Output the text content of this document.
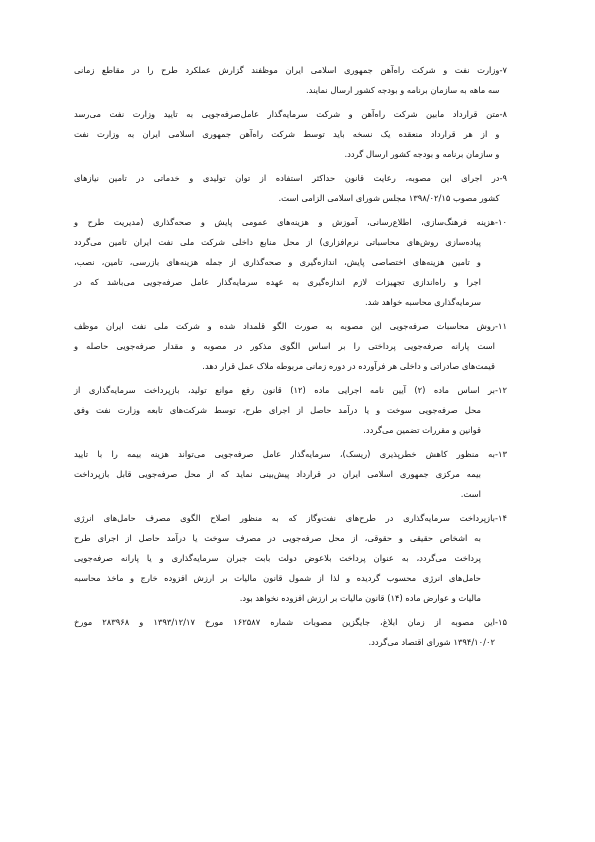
۷-
وزارت نفت و شرکت راه‌آهن جمهوری اسلامی ایران موظفند گزارش عملکرد طرح را در مقاطع زمانی
سه ماهه به سازمان برنامه و بودجه کشور ارسال نمایند.
۸-
متن قرارداد مابین شرکت راه‌آهن و شرکت سرمایه‌گذار عامل‌صرفه‌جویی به تایید وزارت نفت می‌رسد
و از هر قرارداد منعقده یک نسخه باید توسط شرکت راه‌آهن جمهوری اسلامی ایران به وزارت نفت
و سازمان برنامه و بودجه کشور ارسال گردد.
۹-
در اجرای این مصوبه، رعایت قانون حداکثر استفاده از توان تولیدی و خدماتی در تامین نیازهای
کشور مصوب ۱۳۹۸/۰۲/۱۵ مجلس شورای اسلامی الزامی است.
۱۰-
هزینه فرهنگ‌سازی، اطلاع‌رسانی، آموزش و هزینه‌های عمومی پایش و صحه‌گذاری (مدیریت طرح و
پیاده‌سازی روش‌های محاسباتی نرم‌افزاری) از محل منابع داخلی شرکت ملی نفت ایران تامین می‌گردد
و تامین هزینه‌های اختصاصی پایش، اندازه‌گیری و صحه‌گذاری از جمله هزینه‌های بازرسی، تامین، نصب،
اجرا و راه‌اندازی تجهیزات لازم اندازه‌گیری به عهده سرمایه‌گذار عامل صرفه‌جویی می‌باشد که در
سرمایه‌گذاری محاسبه خواهد شد.
۱۱-
روش محاسبات صرفه‌جویی این مصوبه به صورت الگو قلمداد شده و شرکت ملی نفت ایران موظف
است پارانه صرفه‌جویی پرداختی را بر اساس الگوی مذکور در مصوبه و مقدار صرفه‌جویی حاصله و
قیمت‌های صادراتی و داخلی هر فرآورده در دوره زمانی مربوطه ملاک عمل قرار دهد.
۱۲-
بر اساس ماده (۲) آیین نامه اجرایی ماده (۱۲) قانون رفع موانع تولید، بازپرداخت سرمایه‌گذاری از
محل صرفه‌جویی سوخت و یا درآمد حاصل از اجرای طرح، توسط شرکت‌های تابعه وزارت نفت وفق
قوانین و مقررات تضمین می‌گردد.
۱۳-
به منظور کاهش خطرپذیری (ریسک)، سرمایه‌گذار عامل صرفه‌جویی می‌تواند هزینه بیمه را با تایید
بیمه مرکزی جمهوری اسلامی ایران در قرارداد پیش‌بینی نماید که از محل صرفه‌جویی قابل بازپرداخت
است.
۱۴-
بازپرداخت سرمایه‌گذاری در طرح‌های نفت‌وگاز که به منظور اصلاح الگوی مصرف حامل‌های انرژی
به اشخاص حقیقی و حقوقی، از محل صرفه‌جویی در مصرف سوخت یا درآمد حاصل از اجرای طرح
پرداخت می‌گردد، به عنوان پرداخت بلاعوض دولت بابت جبران سرمایه‌گذاری و یا پارانه صرفه‌جویی
حامل‌های انرژی محسوب گردیده و لذا از شمول قانون مالیات بر ارزش افزوده خارج و ماخذ محاسبه
مالیات و عوارض ماده (۱۴) قانون مالیات بر ارزش افزوده نخواهد بود.
۱۵-
این مصوبه از زمان ابلاغ، جایگزین مصوبات شماره ۱۶۲۵۸۷ مورخ ۱۳۹۳/۱۲/۱۷ و ۲۸۳۹۶۸ مورخ
۱۳۹۴/۱۰/۰۲ شورای اقتصاد می‌گردد.
